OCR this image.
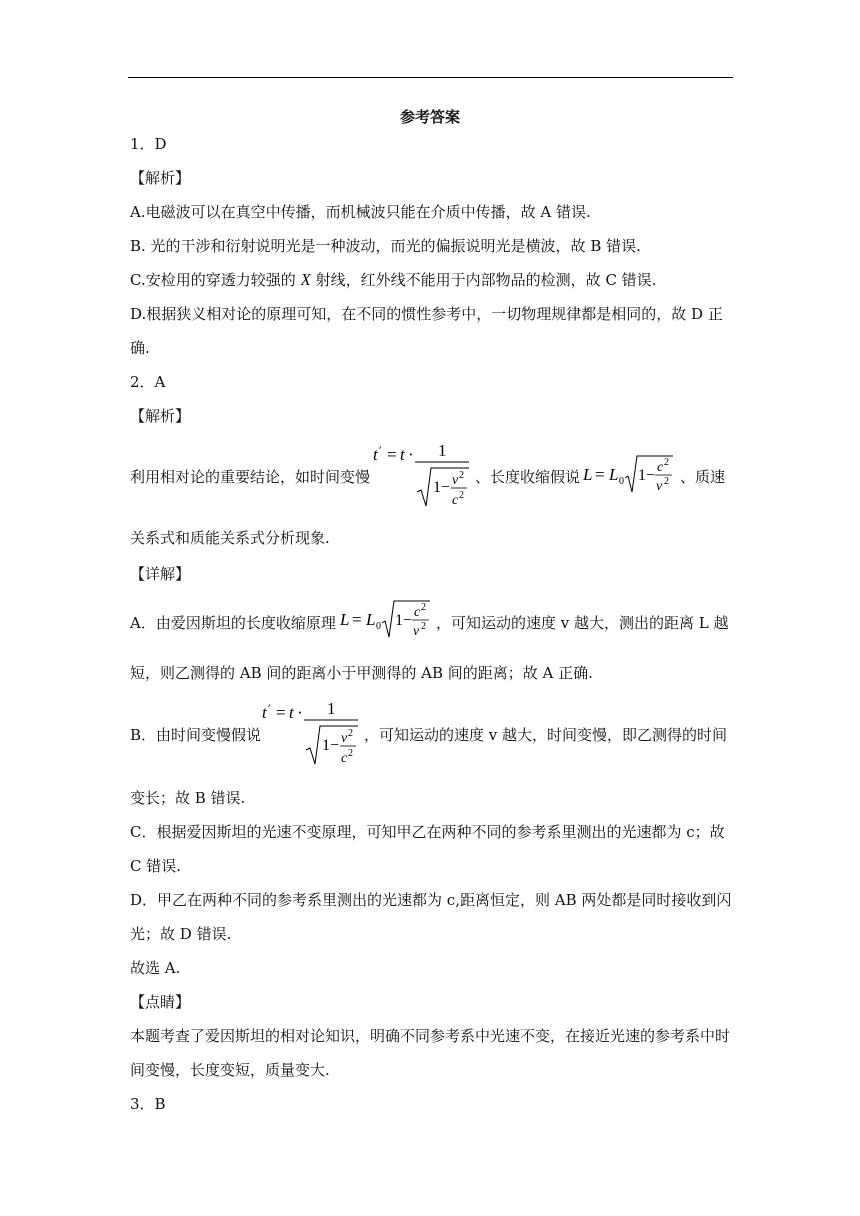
参考答案
1．D
【解析】
A.电磁波可以在真空中传播，而机械波只能在介质中传播，故 A 错误.
B. 光的干涉和衍射说明光是一种波动，而光的偏振说明光是横波，故 B 错误.
C.安检用的穿透力较强的 X 射线，红外线不能用于内部物品的检测，故 C 错误.
D.根据狭义相对论的原理可知，在不同的惯性参考中，一切物理规律都是相同的，故 D 正
确.
2．A
【解析】
利用相对论的重要结论，如时间变慢
t ′ = t · 1
1− v 2
c 2
、长度收缩假说 L = L 0 1− c 2
v 2 、质速
关系式和质能关系式分析现象.
【详解】
A．由爱因斯坦的长度收缩原理 L = L 0 1− c 2
v 2 ，可知运动的速度 v 越大，测出的距离 L 越
短，则乙测得的 AB 间的距离小于甲测得的 AB 间的距离；故 A 正确.
B．由时间变慢假说
t ′ = t · 1
1− v 2
c 2
，可知运动的速度 v 越大，时间变慢，即乙测得的时间
变长；故 B 错误.
C．根据爱因斯坦的光速不变原理，可知甲乙在两种不同的参考系里测出的光速都为 c；故
C 错误.
D．甲乙在两种不同的参考系里测出的光速都为 c,距离恒定，则 AB 两处都是同时接收到闪
光；故 D 错误.
故选 A.
【点睛】
本题考查了爱因斯坦的相对论知识，明确不同参考系中光速不变，在接近光速的参考系中时
间变慢，长度变短，质量变大.
3．B
